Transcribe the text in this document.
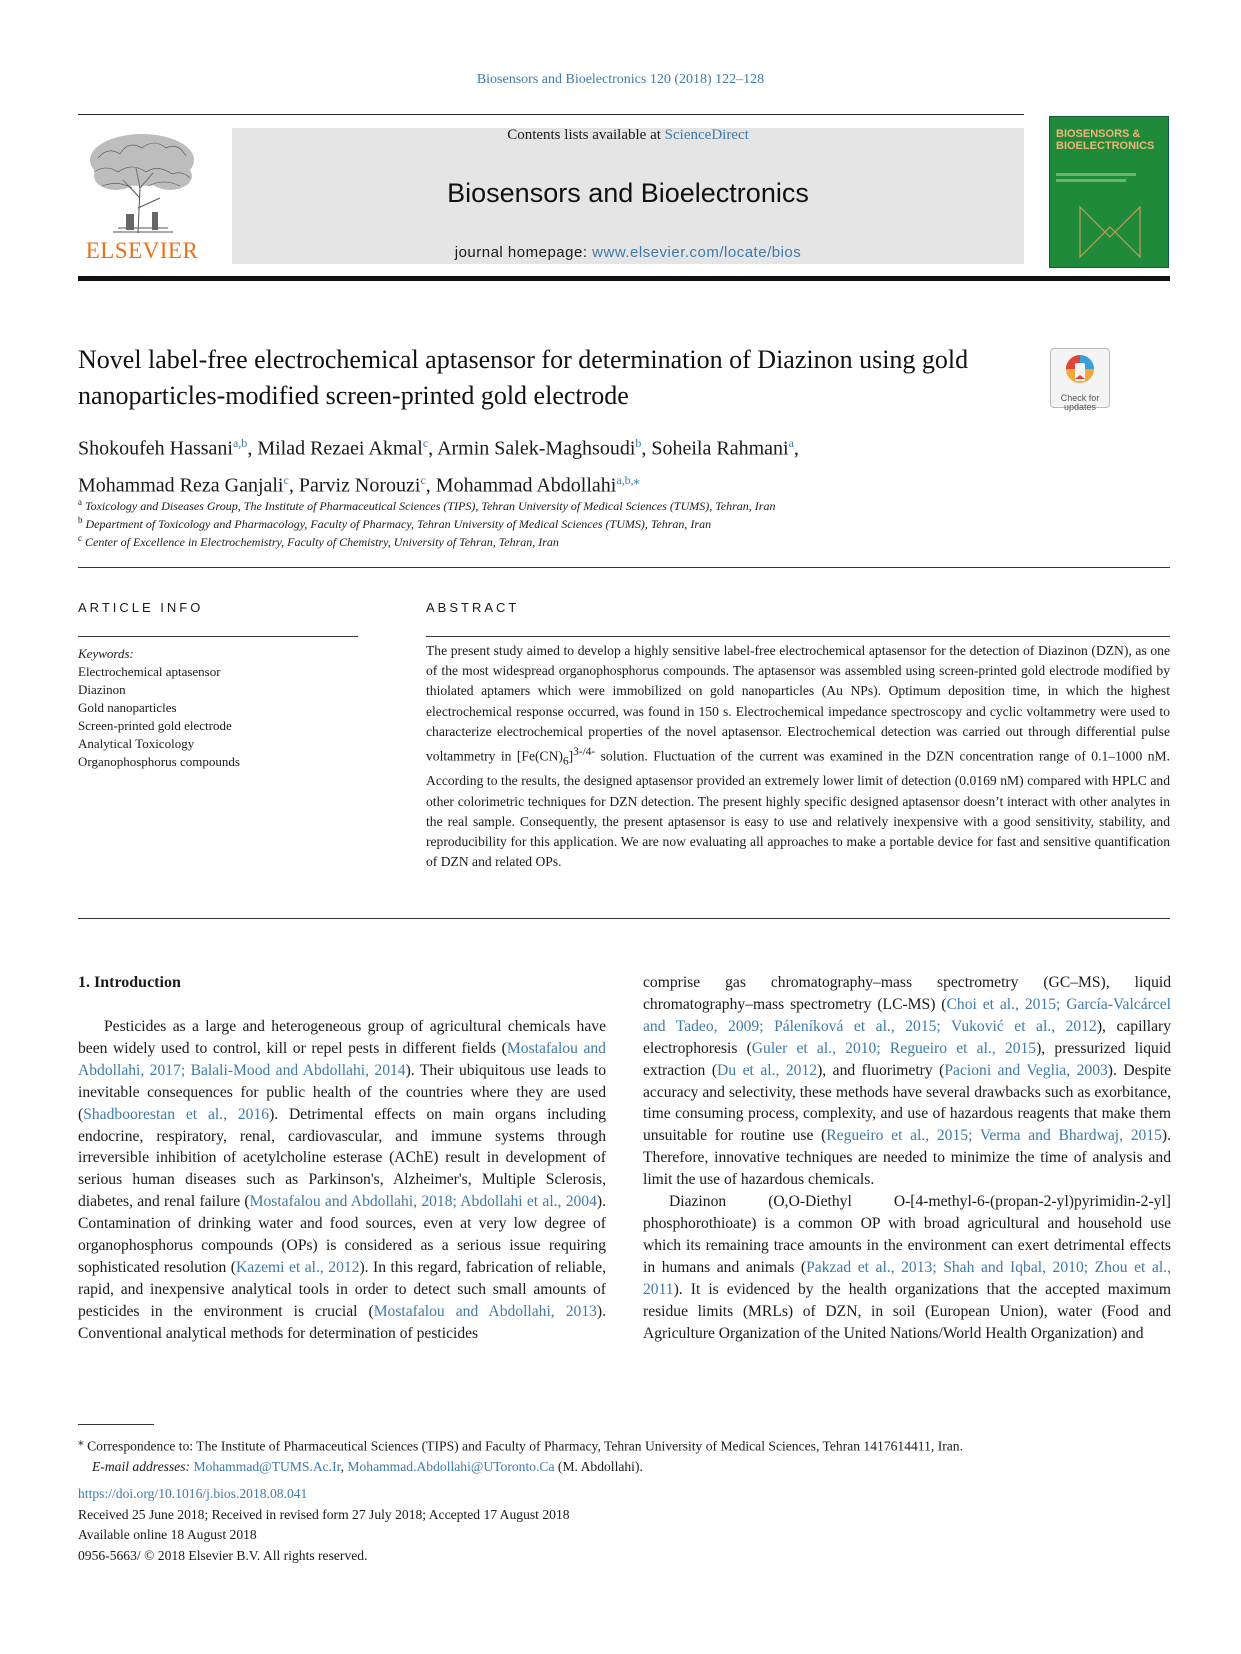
Biosensors and Bioelectronics 120 (2018) 122–128
ELSEVIER
Contents lists available at ScienceDirect
Biosensors and Bioelectronics
journal homepage: www.elsevier.com/locate/bios
BIOSENSORS & BIOELECTRONICS
Novel label-free electrochemical aptasensor for determination of Diazinon using gold nanoparticles-modified screen-printed gold electrode	Check for updates
Shokoufeh Hassani$^{a,b}$, Milad Rezaei Akmal$^c$, Armin Salek-Maghsoudi$^b$, Soheila Rahmani$^a$,
Mohammad Reza Ganjali$^c$, Parviz Norouzi$^c$, Mohammad Abdollahi$^{a,b,⁎}$
$^a$ Toxicology and Diseases Group, The Institute of Pharmaceutical Sciences (TIPS), Tehran University of Medical Sciences (TUMS), Tehran, Iran
$^b$ Department of Toxicology and Pharmacology, Faculty of Pharmacy, Tehran University of Medical Sciences (TUMS), Tehran, Iran
$^c$ Center of Excellence in Electrochemistry, Faculty of Chemistry, University of Tehran, Tehran, Iran
ARTICLE INFO	ABSTRACT
Keywords:
Electrochemical aptasensor
Diazinon
Gold nanoparticles
Screen-printed gold electrode
Analytical Toxicology
Organophosphorus compounds
The present study aimed to develop a highly sensitive label-free electrochemical aptasensor for the detection of Diazinon (DZN), as one of the most widespread organophosphorus compounds. The aptasensor was assembled using screen-printed gold electrode modified by thiolated aptamers which were immobilized on gold nanoparticles (Au NPs). Optimum deposition time, in which the highest electrochemical response occurred, was found in 150 s. Electrochemical impedance spectroscopy and cyclic voltammetry were used to characterize electrochemical properties of the novel aptasensor. Electrochemical detection was carried out through differential pulse voltammetry in $[Fe(CN)_6]^{3-/4-}$ solution. Fluctuation of the current was examined in the DZN concentration range of 0.1–1000 nM. According to the results, the designed aptasensor provided an extremely lower limit of detection (0.0169 nM) compared with HPLC and other colorimetric techniques for DZN detection. The present highly specific designed aptasensor doesn’t interact with other analytes in the real sample. Consequently, the present aptasensor is easy to use and relatively inexpensive with a good sensitivity, stability, and reproducibility for this application. We are now evaluating all approaches to make a portable device for fast and sensitive quantification of DZN and related OPs.
1. Introduction

Pesticides as a large and heterogeneous group of agricultural chemicals have been widely used to control, kill or repel pests in different fields (Mostafalou and Abdollahi, 2017; Balali-Mood and Abdollahi, 2014). Their ubiquitous use leads to inevitable consequences for public health of the countries where they are used (Shadboorestan et al., 2016). Detrimental effects on main organs including endocrine, respiratory, renal, cardiovascular, and immune systems through irreversible inhibition of acetylcholine esterase (AChE) result in development of serious human diseases such as Parkinson's, Alzheimer's, Multiple Sclerosis, diabetes, and renal failure (Mostafalou and Abdollahi, 2018; Abdollahi et al., 2004). Contamination of drinking water and food sources, even at very low degree of organophosphorus compounds (OPs) is considered as a serious issue requiring sophisticated resolution (Kazemi et al., 2012). In this regard, fabrication of reliable, rapid, and inexpensive analytical tools in order to detect such small amounts of pesticides in the environment is crucial (Mostafalou and Abdollahi, 2013). Conventional analytical methods for determination of pesticides

comprise gas chromatography–mass spectrometry (GC–MS), liquid chromatography–mass spectrometry (LC-MS) (Choi et al., 2015; García-Valcárcel and Tadeo, 2009; Páleníková et al., 2015; Vuković et al., 2012), capillary electrophoresis (Guler et al., 2010; Regueiro et al., 2015), pressurized liquid extraction (Du et al., 2012), and fluorimetry (Pacioni and Veglia, 2003). Despite accuracy and selectivity, these methods have several drawbacks such as exorbitance, time consuming process, complexity, and use of hazardous reagents that make them unsuitable for routine use (Regueiro et al., 2015; Verma and Bhardwaj, 2015). Therefore, innovative techniques are needed to minimize the time of analysis and limit the use of hazardous chemicals.

Diazinon (O,O-Diethyl O-[4-methyl-6-(propan-2-yl)pyrimidin-2-yl] phosphorothioate) is a common OP with broad agricultural and household use which its remaining trace amounts in the environment can exert detrimental effects in humans and animals (Pakzad et al., 2013; Shah and Iqbal, 2010; Zhou et al., 2011). It is evidenced by the health organizations that the accepted maximum residue limits (MRLs) of DZN, in soil (European Union), water (Food and Agriculture Organization of the United Nations/World Health Organization) and

⁎ Correspondence to: The Institute of Pharmaceutical Sciences (TIPS) and Faculty of Pharmacy, Tehran University of Medical Sciences, Tehran 1417614411, Iran.
E-mail addresses: Mohammad@TUMS.Ac.Ir, Mohammad.Abdollahi@UToronto.Ca (M. Abdollahi).
https://doi.org/10.1016/j.bios.2018.08.041
Received 25 June 2018; Received in revised form 27 July 2018; Accepted 17 August 2018
Available online 18 August 2018
0956-5663/ © 2018 Elsevier B.V. All rights reserved.
